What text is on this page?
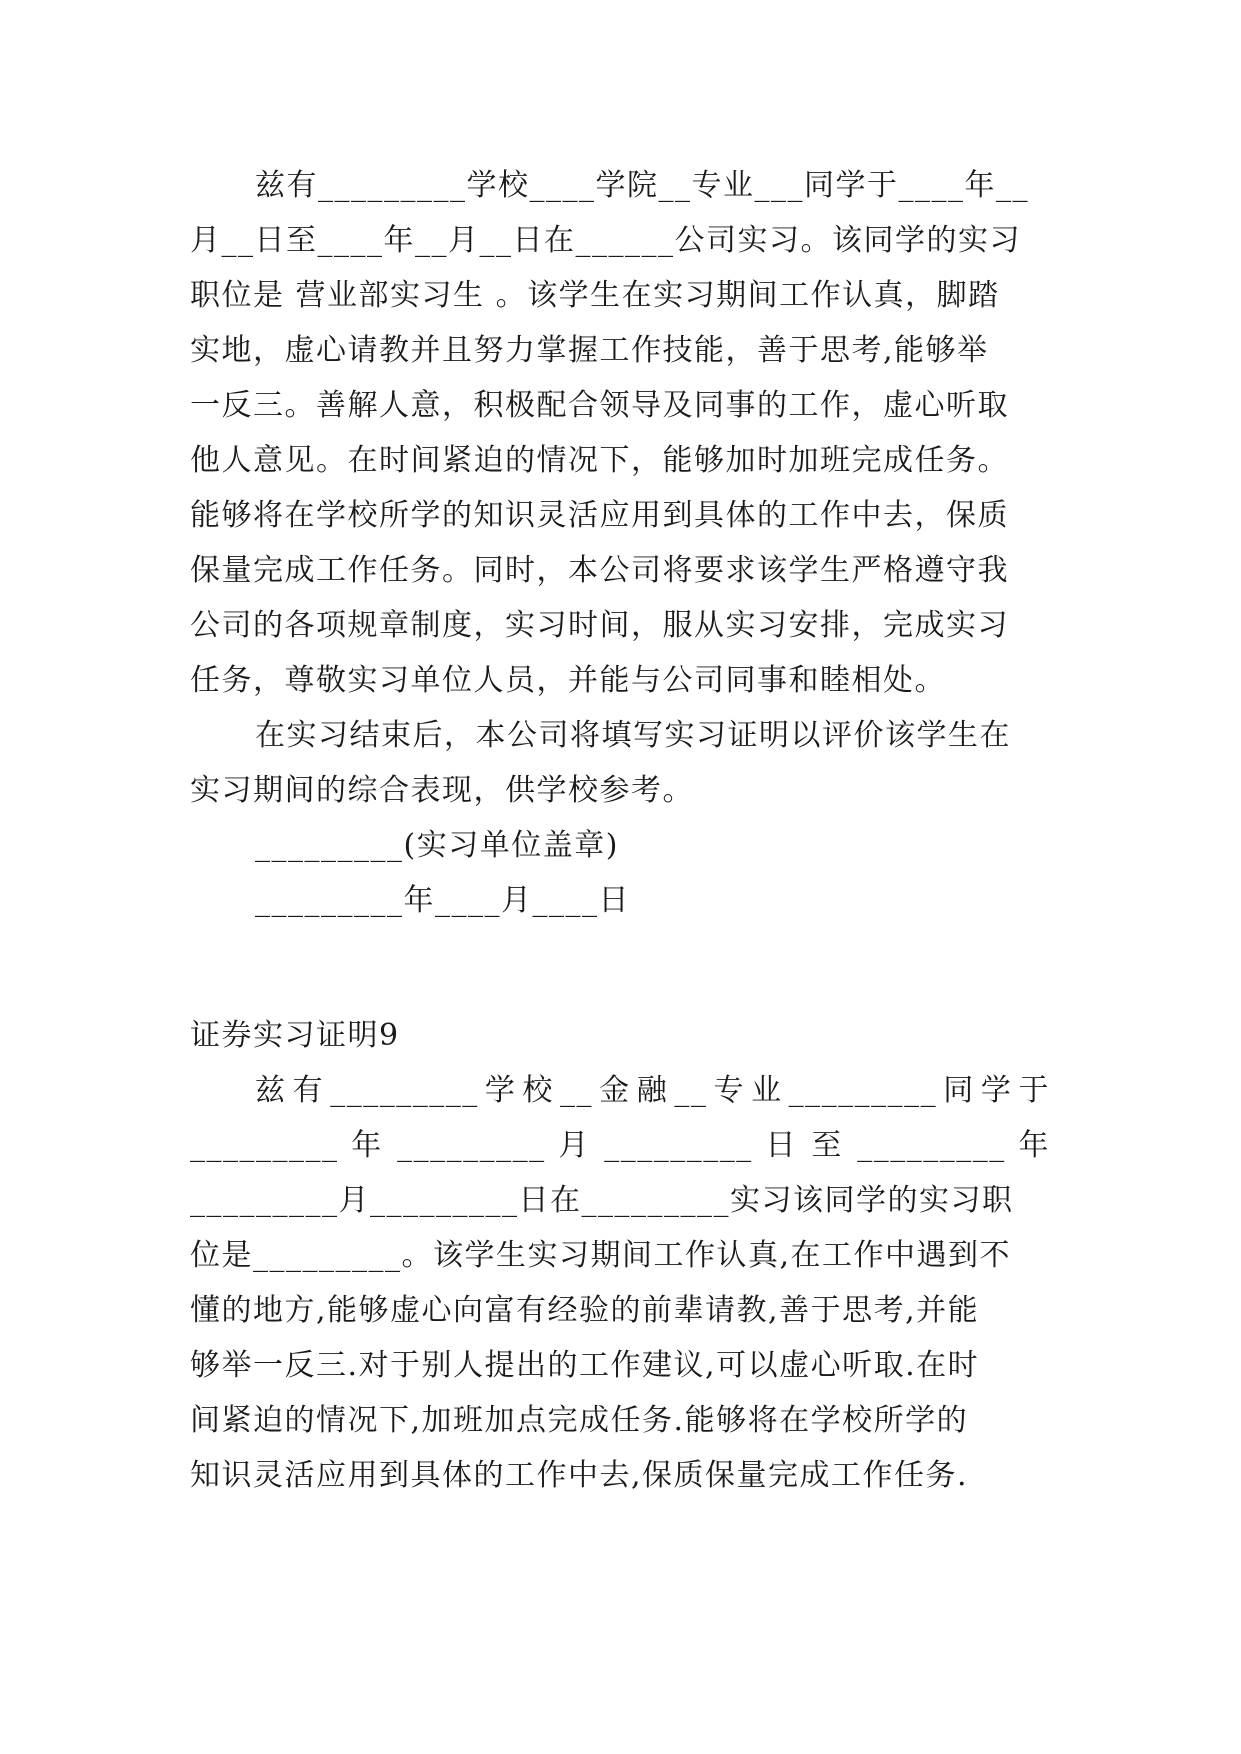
兹有_________学校____学院__专业___同学于____年__
月__日至____年__月__日在______公司实习。该同学的实习
职位是 营业部实习生 。该学生在实习期间工作认真，脚踏
实地，虚心请教并且努力掌握工作技能，善于思考,能够举
一反三。善解人意，积极配合领导及同事的工作，虚心听取
他人意见。在时间紧迫的情况下，能够加时加班完成任务。
能够将在学校所学的知识灵活应用到具体的工作中去，保质
保量完成工作任务。同时，本公司将要求该学生严格遵守我
公司的各项规章制度，实习时间，服从实习安排，完成实习
任务，尊敬实习单位人员，并能与公司同事和睦相处。
在实习结束后，本公司将填写实习证明以评价该学生在
实习期间的综合表现，供学校参考。
_________(实习单位盖章)
_________年____月____日
证券实习证明9
兹有_________学校__金融__专业_________同学于
_________ 年 _________ 月 _________ 日 至 _________ 年
_________月_________日在_________实习该同学的实习职
位是_________。该学生实习期间工作认真,在工作中遇到不
懂的地方,能够虚心向富有经验的前辈请教,善于思考,并能
够举一反三.对于别人提出的工作建议,可以虚心听取.在时
间紧迫的情况下,加班加点完成任务.能够将在学校所学的
知识灵活应用到具体的工作中去,保质保量完成工作任务.
